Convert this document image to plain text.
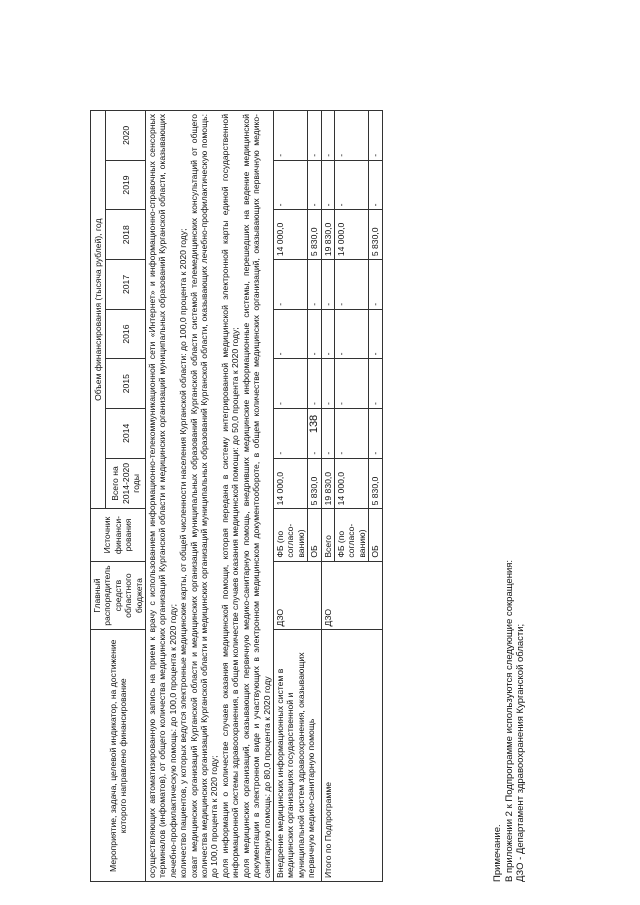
138
Мероприятие, задача, целевой индикатор, на достижение которого направлено финансирование	Главный распорядитель средств областного бюджета	Источник финанси-рования	Объем финансирования (тысяча рублей), год							
			Всего на 2014-2020 годы	2014	2015	2016	2017	2018	2019	2020

осуществляющих автоматизированную запись на прием к врачу с использованием информационно-телекоммуникационной сети «Интернет» и информационно-справочных сенсорных терминалов (инфоматов), от общего количества медицинских организаций Курганской области и медицинских организаций муниципальных образований Курганской области, оказывающих лечебно-профилактическую помощь: до 100,0 процента к 2020 году; количество пациентов, у которых ведутся электронные медицинские карты, от общей численности населения Курганской области: до 100,0 процента к 2020 году; охват медицинских организаций Курганской области и медицинских организаций муниципальных образований Курганской области системой телемедицинских консультаций от общего количества медицинских организаций Курганской области и медицинских организаций муниципальных образований Курганской области, оказывающих лечебно-профилактическую помощь: до 100,0 процента к 2020 году; доля информации о количестве случаев оказания медицинской помощи, которая передана в систему интегрированной медицинской электронной карты единой государственной информационной системы здравоохранения, в общем количестве случаев оказания медицинской помощи: до 50,0 процента к 2020 году; доля медицинских организаций, оказывающих первичную медико-санитарную помощь, внедривших медицинские информационные системы, перешедших на ведение медицинской документации в электронном виде и участвующих в электронном медицинском документообороте, в общем количестве медицинских организаций, оказывающих первичную медико-санитарную помощь: до 80,0 процента к 2020 году										

Внедрение медицинских информационных систем в медицинских организациях государственной и муниципальной систем здравоохранения, оказывающих первичную медико-санитарную помощь	ДЗО	ФБ (по согласо-ванию)	14 000,0	-	-	-	-	14 000,0	-	-
		ОБ	5 830,0	-	-	-	-	5 830,0	-	-
Итого по Подпрограмме	ДЗО	Всего	19 830,0	-	-	-	-	19 830,0	-	-
		ФБ (по согласо-ванию)	14 000,0	-	-	-	-	14 000,0	-	-
		ОБ	5 830,0	-	-	-	-	5 830,0	-	-
Примечание. В приложении 2 к Подпрограмме используются следующие сокращения: ДЗО - Департамент здравоохранения Курганской области;
